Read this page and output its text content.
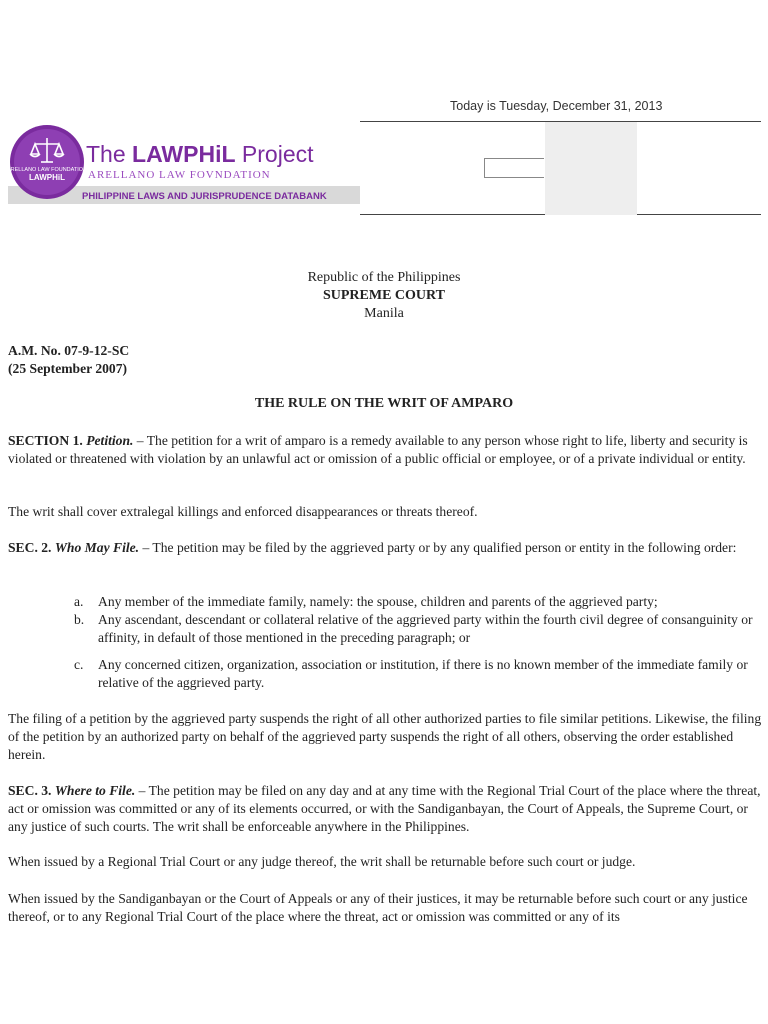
Today is Tuesday, December 31, 2013
ARELLANO LAW FOUNDATION
LAWPHiL
The LAWPHiL Project
ARELLANO LAW FOVNDATION
PHILIPPINE LAWS AND JURISPRUDENCE DATABANK
Republic of the Philippines
SUPREME COURT
Manila
A.M. No. 07-9-12-SC
(25 September 2007)
THE RULE ON THE WRIT OF AMPARO

SECTION 1. Petition. – The petition for a writ of amparo is a remedy available to any person whose right to life, liberty and security is violated or threatened with violation by an unlawful act or omission of a public official or employee, or of a private individual or entity.

The writ shall cover extralegal killings and enforced disappearances or threats thereof.

SEC. 2. Who May File. – The petition may be filed by the aggrieved party or by any qualified person or entity in the following order:

a.	Any member of the immediate family, namely: the spouse, children and parents of the aggrieved party;
b.	Any ascendant, descendant or collateral relative of the aggrieved party within the fourth civil degree of consanguinity or affinity, in default of those mentioned in the preceding paragraph; or
c.	Any concerned citizen, organization, association or institution, if there is no known member of the immediate family or relative of the aggrieved party.

The filing of a petition by the aggrieved party suspends the right of all other authorized parties to file similar petitions. Likewise, the filing of the petition by an authorized party on behalf of the aggrieved party suspends the right of all others, observing the order established herein.

SEC. 3. Where to File. – The petition may be filed on any day and at any time with the Regional Trial Court of the place where the threat, act or omission was committed or any of its elements occurred, or with the Sandiganbayan, the Court of Appeals, the Supreme Court, or any justice of such courts. The writ shall be enforceable anywhere in the Philippines.

When issued by a Regional Trial Court or any judge thereof, the writ shall be returnable before such court or judge.

When issued by the Sandiganbayan or the Court of Appeals or any of their justices, it may be returnable before such court or any justice thereof, or to any Regional Trial Court of the place where the threat, act or omission was committed or any of its
